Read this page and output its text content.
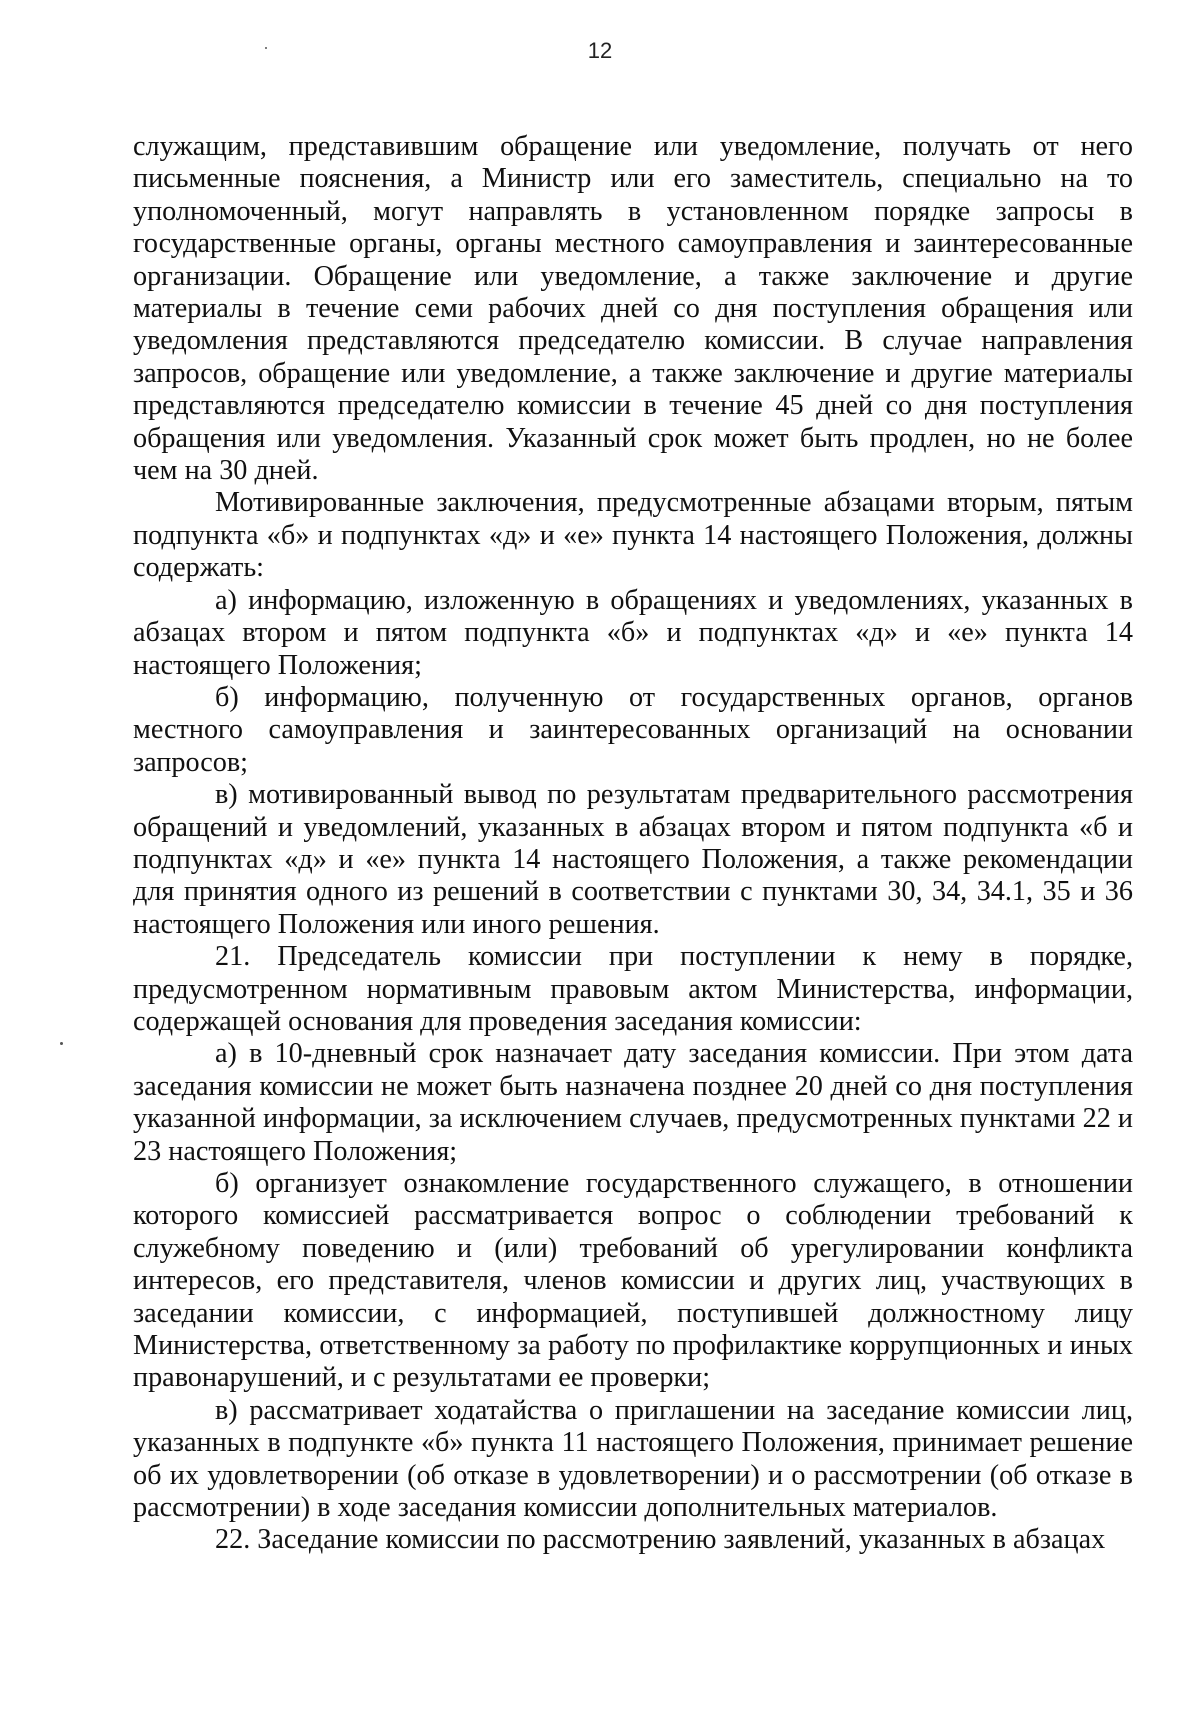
12

служащим, представившим обращение или уведомление, получать от него письменные пояснения, а Министр или его заместитель, специально на то уполномоченный, могут направлять в установленном порядке запросы в государственные органы, органы местного самоуправления и заинтересованные организации. Обращение или уведомление, а также заключение и другие материалы в течение семи рабочих дней со дня поступления обращения или уведомления представляются председателю комиссии. В случае направления запросов, обращение или уведомление, а также заключение и другие материалы представляются председателю комиссии в течение 45 дней со дня поступления обращения или уведомления. Указанный срок может быть продлен, но не более чем на 30 дней.

Мотивированные заключения, предусмотренные абзацами вторым, пятым подпункта «б» и подпунктах «д» и «е» пункта 14 настоящего Положения, должны содержать:

а) информацию, изложенную в обращениях и уведомлениях, указанных в абзацах втором и пятом подпункта «б» и подпунктах «д» и «е» пункта 14 настоящего Положения;

б) информацию, полученную от государственных органов, органов местного самоуправления и заинтересованных организаций на основании запросов;

в) мотивированный вывод по результатам предварительного рассмотрения обращений и уведомлений, указанных в абзацах втором и пятом подпункта «б и подпунктах «д» и «е» пункта 14 настоящего Положения, а также рекомендации для принятия одного из решений в соответствии с пунктами 30, 34, 34.1, 35 и 36 настоящего Положения или иного решения.

21. Председатель комиссии при поступлении к нему в порядке, предусмотренном нормативным правовым актом Министерства, информации, содержащей основания для проведения заседания комиссии:

а) в 10-дневный срок назначает дату заседания комиссии. При этом дата заседания комиссии не может быть назначена позднее 20 дней со дня поступления указанной информации, за исключением случаев, предусмотренных пунктами 22 и 23 настоящего Положения;

б) организует ознакомление государственного служащего, в отношении которого комиссией рассматривается вопрос о соблюдении требований к служебному поведению и (или) требований об урегулировании конфликта интересов, его представителя, членов комиссии и других лиц, участвующих в заседании комиссии, с информацией, поступившей должностному лицу Министерства, ответственному за работу по профилактике коррупционных и иных правонарушений, и с результатами ее проверки;

в) рассматривает ходатайства о приглашении на заседание комиссии лиц, указанных в подпункте «б» пункта 11 настоящего Положения, принимает решение об их удовлетворении (об отказе в удовлетворении) и о рассмотрении (об отказе в рассмотрении) в ходе заседания комиссии дополнительных материалов.

22. Заседание комиссии по рассмотрению заявлений, указанных в абзацах
